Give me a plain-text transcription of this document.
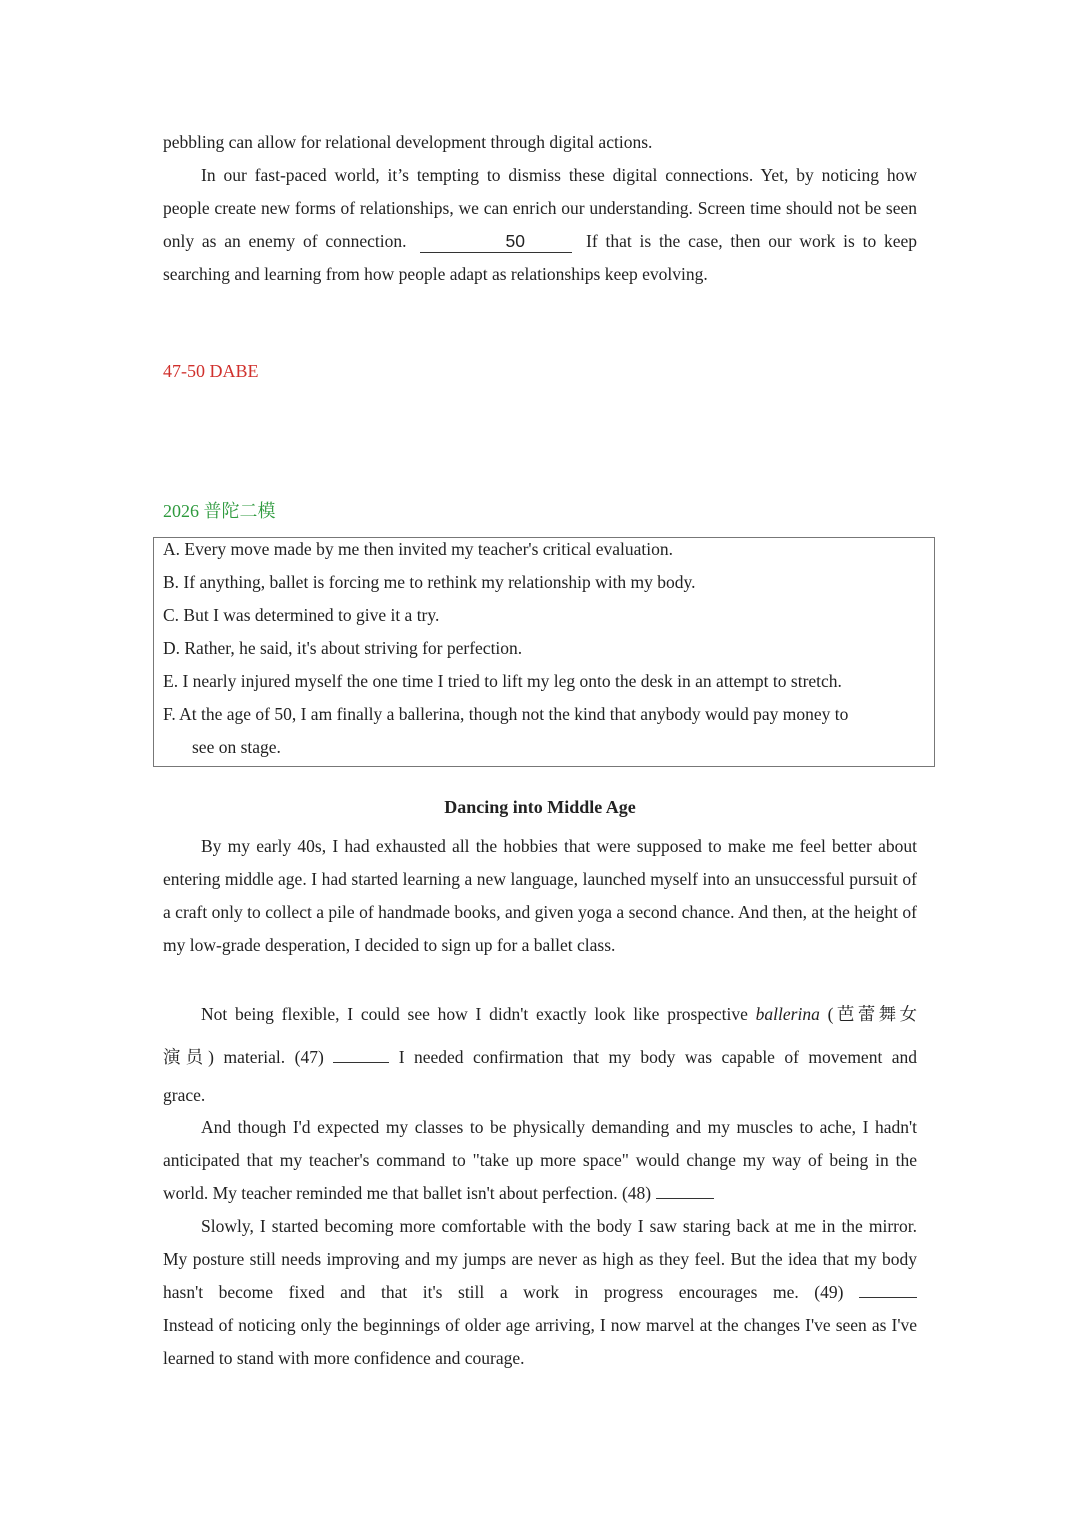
pebbling can allow for relational development through digital actions.

In our fast-paced world, it’s tempting to dismiss these digital connections. Yet, by noticing how people create new forms of relationships, we can enrich our understanding. Screen time should not be seen only as an enemy of connection.	50	If that is the case, then our work is to keep searching and learning from how people adapt as relationships keep evolving.

47-50 DABE
2026 普陀二模

A. Every move made by me then invited my teacher's critical evaluation.

B. If anything, ballet is forcing me to rethink my relationship with my body.

C. But I was determined to give it a try.

D. Rather, he said, it's about striving for perfection.

E. I nearly injured myself the one time I tried to lift my leg onto the desk in an attempt to stretch.

F. At the age of 50, I am finally a ballerina, though not the kind that anybody would pay money to

see on stage.

Dancing into Middle Age

By my early 40s, I had exhausted all the hobbies that were supposed to make me feel better about entering middle age. I had started learning a new language, launched myself into an unsuccessful pursuit of a craft only to collect a pile of handmade books, and given yoga a second chance. And then, at the height of my low-grade desperation, I decided to sign up for a ballet class.

Not being flexible, I could see how I didn't exactly look like prospective ballerina (芭蕾舞女

演员) material. (47)	I needed confirmation that my body was capable of movement and

grace.

And though I'd expected my classes to be physically demanding and my muscles to ache, I hadn't anticipated that my teacher's command to "take up more space" would change my way of being in the world. My teacher reminded me that ballet isn't about perfection. (48)

Slowly, I started becoming more comfortable with the body I saw staring back at me in the mirror. My posture still needs improving and my jumps are never as high as they feel. But the idea that my body hasn't become fixed and that it's still a work in progress encourages me. (49)

Instead of noticing only the beginnings of older age arriving, I now marvel at the changes I've seen as I've learned to stand with more confidence and courage.
